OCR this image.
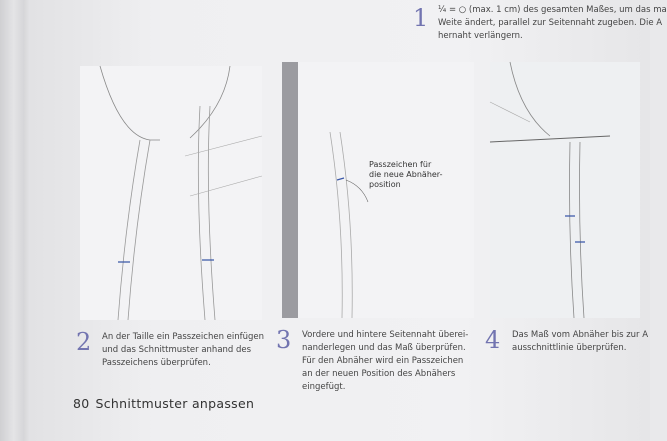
1 ¼ = ○ (max. 1 cm) des gesamten Maßes, um das ma
Weite ändert, parallel zur Seitennaht zugeben. Die A
hernaht verlängern.
Passzeichen für
die neue Abnäher-
position
2 An der Taille ein Passzeichen einfügen
und das Schnittmuster anhand des
Passzeichens überprüfen.
3 Vordere und hintere Seitennaht überei-
nanderlegen und das Maß überprüfen.
Für den Abnäher wird ein Passzeichen
an der neuen Position des Abnähers
eingefügt.
4 Das Maß vom Abnäher bis zur A
ausschnittlinie überprüfen.
80 Schnittmuster anpassen
